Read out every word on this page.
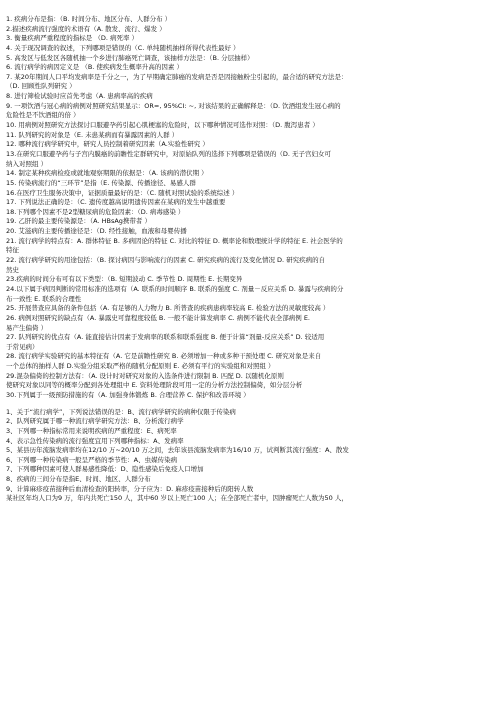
1. 疾病分布是指：（B. 时间分布、地区分布、人群分布 ）
2.描述疾病流行强度的术语有（A. 散发、流行、爆发 ）
3. 衡量疾病严重程度的指标是 （D. 病死率 ）
4. 关于现况调查的叙述，下列哪项是错误的（C. 单纯随机抽样所得代表性最好 ）
5. 高发区与低发区各随机抽一个乡进行肺癌死亡调查，该抽样方法是：（B. 分层抽样）
6. 流行病学的病因定义是 （B. 使疾病发生概率升高的因素 ）
7. 某20年期间人口平均发病率是千分之一，为了早期确定肺癌的发病是否是因接触粉尘引起的，最合适的研究方法是：
（D. 回顾性队列研究 ）
8. 进行筛检试验时应首先考虑（A. 患病率高的疾病
9. 一项饮酒与冠心病的病例对照研究结果显示：OR=, 95%CI: ~, 对该结果的正确解释是：（D. 饮酒组发生冠心病的
危险性是不饮酒组的倍 ）
10. 用病例对照研究方法探讨口服避孕药引起心肌梗塞的危险时，以下哪种情况可选作对照：（D. 腹泻患者 ）
11. 队列研究的对象是（E. 未患某病而有暴露因素的人群 ）
12. 哪种流行病学研究中，研究人员控制着研究因素（A.实验性研究 ）
13.在研究口服避孕药与子宫内膜癌的前瞻性定群研究中，对原始队列的选择下列哪项是错误的（D. 无子宫妇女可
纳入对照组 ）
14. 制定某种疾病检疫或就地观察期限的依据是：（A. 该病的潜伏期 ）
15. 传染病流行的“三环节”是指（E. 传染源、传播途径、易感人群
16.在医疗卫生服务决策中，证据质量最好的是：（C. 随机对照试验的系统综述 ）
17. 下列说法正确的是：（C. 遗传度越高说明遗传因素在某病的发生中越重要
18.下列哪个因素不是2型糖尿病的危险因素：（D. 病毒感染 ）
19. 乙肝的最主要传染源是：（A. HBsAg携带者 ）
20. 艾滋病的主要传播途径是：（D. 经性接触，血液和母婴传播
21. 流行病学的特点有：A. 群体特征 B. 多病因论的特征 C. 对比的特征 D. 概率论和数理统计学的特征 E. 社会医学的
特征
22. 流行病学研究的用途包括：（B. 探讨病因与影响流行的因素 C. 研究疾病的流行及变化情况 D. 研究疾病的自
然史
23.疾病的时间分布可有以下类型：（B. 短期波动 C. 季节性 D. 周期性 E. 长期变异
24.以下属于病因判断的常用标准的选项有（A. 联系的时间顺序 B. 联系的强度 C. 剂量－反应关系 D. 暴露与疾病的分
布一致性 E. 联系的合理性
25. 开展普查应具备的条件包括（A. 有足够的人力物力 B. 所普查的疾病患病率较高 E. 检验方法的灵敏度较高 ）
26. 病例对照研究的缺点有（A. 暴露史可靠程度较低 B. 一般不能计算发病率 C. 病例不能代表全部病例 E.
易产生偏倚 ）
27. 队列研究的优点有（A. 能直接估计因素于发病率的联系和联系强度 B. 便于计算“剂量-反应关系” D. 较适用
于常见病）
28. 流行病学实验研究的基本特征有（A. 它是前瞻性研究 B. 必须增加一种或多种干预处理 C. 研究对象是来自
一个总体的抽样人群 D.实验分组采取严格的随机分配原则 E. 必须有平行的实验组和对照组 ）
29.混杂偏倚的控制方法有：（A. 设计时对研究对象的入选条件进行限制 B. 匹配 D. 以随机化原则
使研究对象以同等的概率分配到各处理组中 E. 资料处理阶段可用一定的分析方法控制偏倚，如分层分析
30.下列属于一级预防措施的有（A. 加强身体锻炼 B. 合理营养 C. 保护和改善环境 ）
1、关于“流行病学”，下列说法错误的是：B、流行病学研究的病种仅限于传染病
2、队列研究属于哪一种流行病学研究方法：B、分析流行病学
3、下列哪一种指标常用来说明疾病的严重程度：E、病死率
4、表示急性传染病的流行强度宜用下列哪种指标：A、发病率
5、某县历年流脑发病率均在12/10 万~20/10 万之间，去年该县流脑发病率为16/10 万，试判断其流行强度：A、散发
6、下列哪一种传染病一般呈严格的季节性：A、虫媒传染病
7、下列哪种因素可使人群易感性降低：D、隐性感染后免疫人口增加
8、疾病的三间分布是指E、时间、地区、人群分布
9、计算麻疹疫苗接种后血清检查的阳转率，分子应为：D. 麻疹疫苗接种后的阳转人数
某社区年均人口为9 万，年内共死亡150 人，其中60 岁以上死亡100 人；在全部死亡者中，因肿瘤死亡人数为50 人，
